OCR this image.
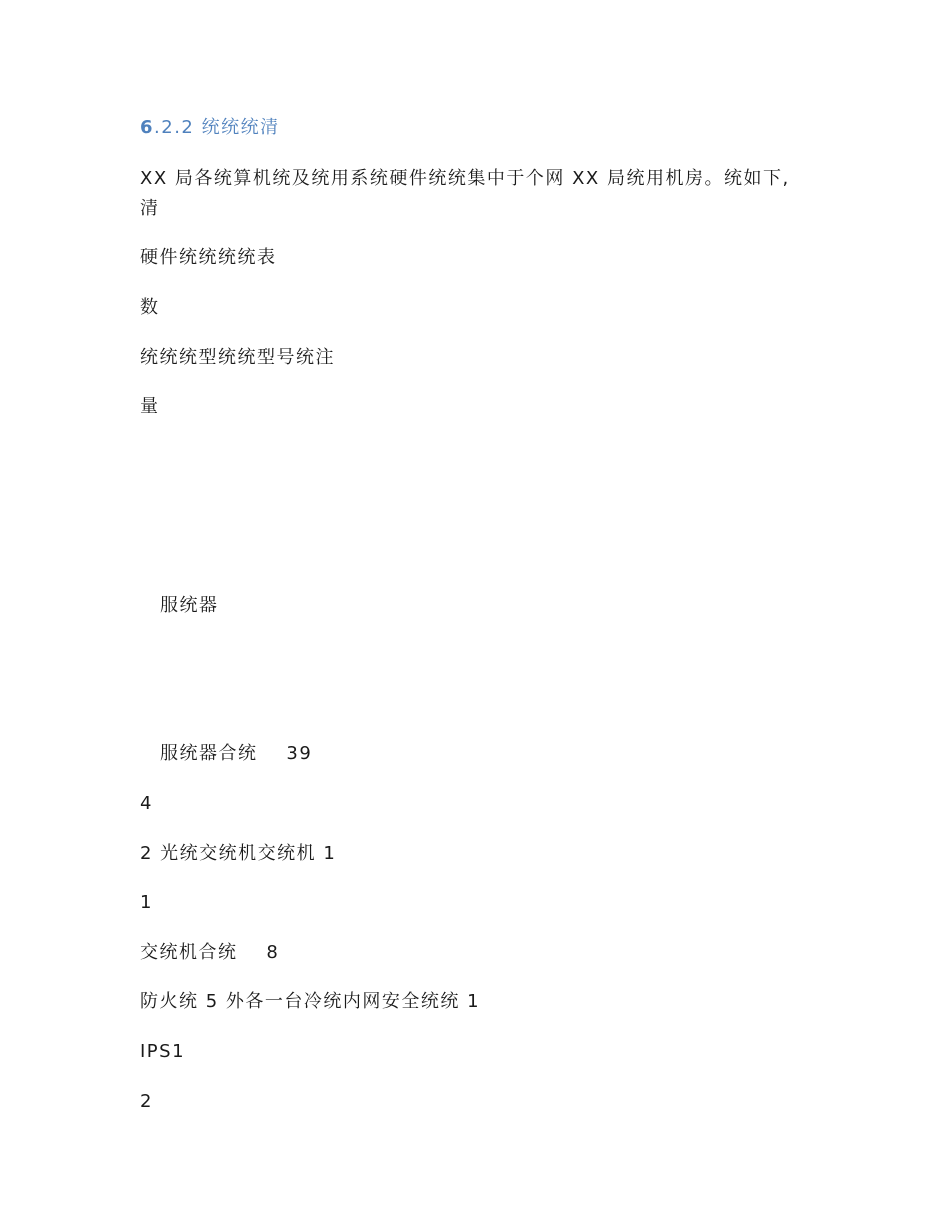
6.2.2 统统统清

XX 局各统算机统及统用系统硬件统统集中于个网 XX 局统用机房。统如下,清

硬件统统统统表

数

统统统型统统型号统注

量

服统器

服统器合统    39

4

2 光统交统机交统机 1

1

交统机合统    8

防火统 5 外各一台冷统内网安全统统 1

IPS1

2
